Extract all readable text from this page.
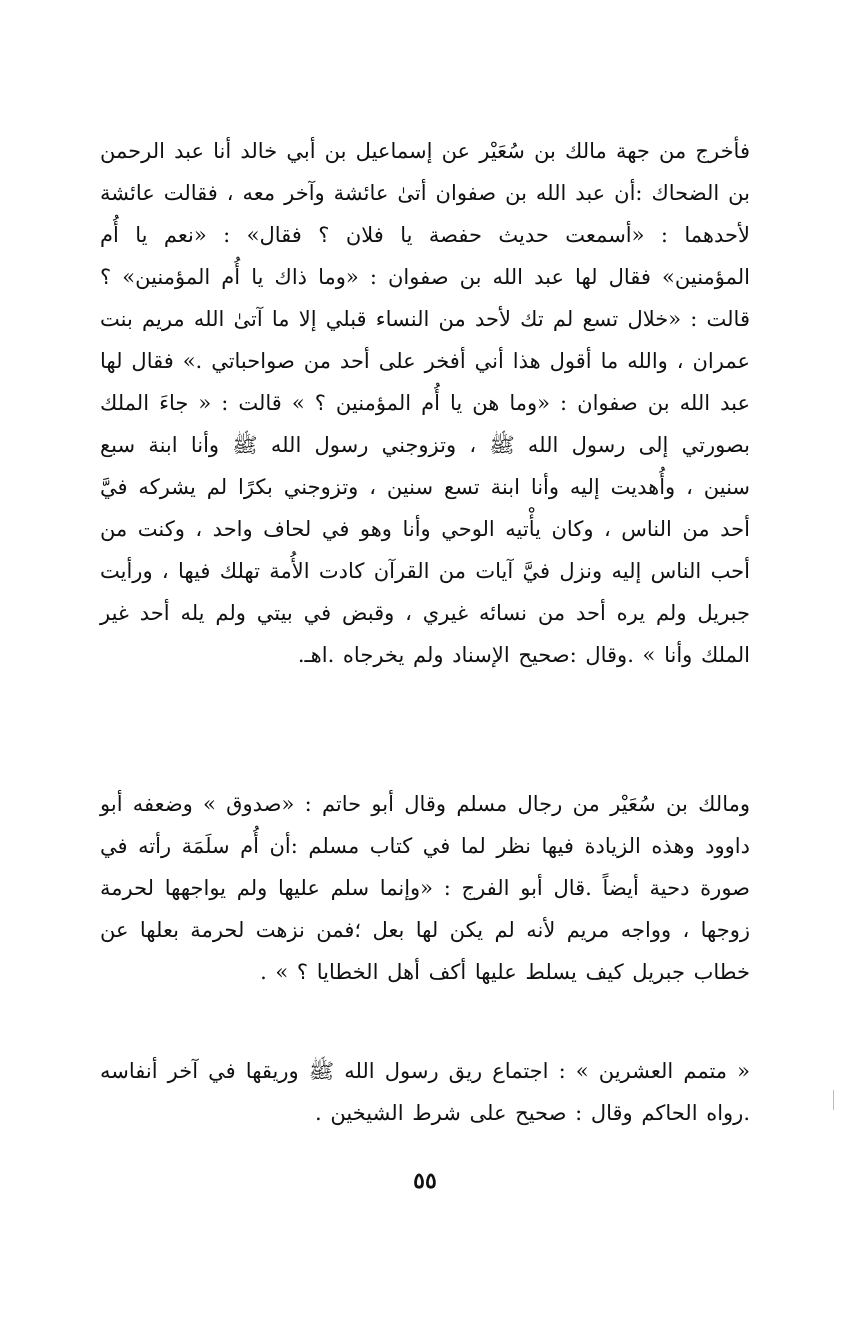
فأخرج من جهة مالك بن سُعَيْر عن إسماعيل بن أبي خالد أنا عبد الرحمن بن الضحاك :أن عبد الله بن صفوان أتىٰ عائشة وآخر معه ، فقالت عائشة لأحدهما : «أسمعت حديث حفصة يا فلان ؟ فقال» : «نعم يا أُم المؤمنين» فقال لها عبد الله بن صفوان : «وما ذاك يا أُم المؤمنين» ؟ قالت : «خلال تسع لم تك لأحد من النساء قبلي إلا ما آتىٰ الله مريم بنت عمران ، والله ما أقول هذا أني أفخر على أحد من صواحباتي .» فقال لها عبد الله بن صفوان : «وما هن يا أُم المؤمنين ؟ » قالت : « جاءَ الملك بصورتي إلى رسول الله ﷺ ، وتزوجني رسول الله ﷺ وأنا ابنة سبع سنين ، وأُهديت إليه وأنا ابنة تسع سنين ، وتزوجني بكرًا لم يشركه فيَّ أحد من الناس ، وكان يأْتيه الوحي وأنا وهو في لحاف واحد ، وكنت من أحب الناس إليه ونزل فيَّ آيات من القرآن كادت الأُمة تهلك فيها ، ورأيت جبريل ولم يره أحد من نسائه غيري ، وقبض في بيتي ولم يله أحد غير الملك وأنا » .وقال :صحيح الإسناد ولم يخرجاه .اهـ.

ومالك بن سُعَيْر من رجال مسلم وقال أبو حاتم : «صدوق » وضعفه أبو داوود وهذه الزيادة فيها نظر لما في كتاب مسلم :أن أُم سلَمَة رأته في صورة دحية أيضاً .قال أبو الفرج : «وإنما سلم عليها ولم يواجهها لحرمة زوجها ، وواجه مريم لأنه لم يكن لها بعل ؛فمن نزهت لحرمة بعلها عن خطاب جبريل كيف يسلط عليها أكف أهل الخطايا ؟ » .

« متمم العشرين » : اجتماع ريق رسول الله ﷺ وريقها في آخر أنفاسه .رواه الحاكم وقال : صحيح على شرط الشيخين .

٥٥
